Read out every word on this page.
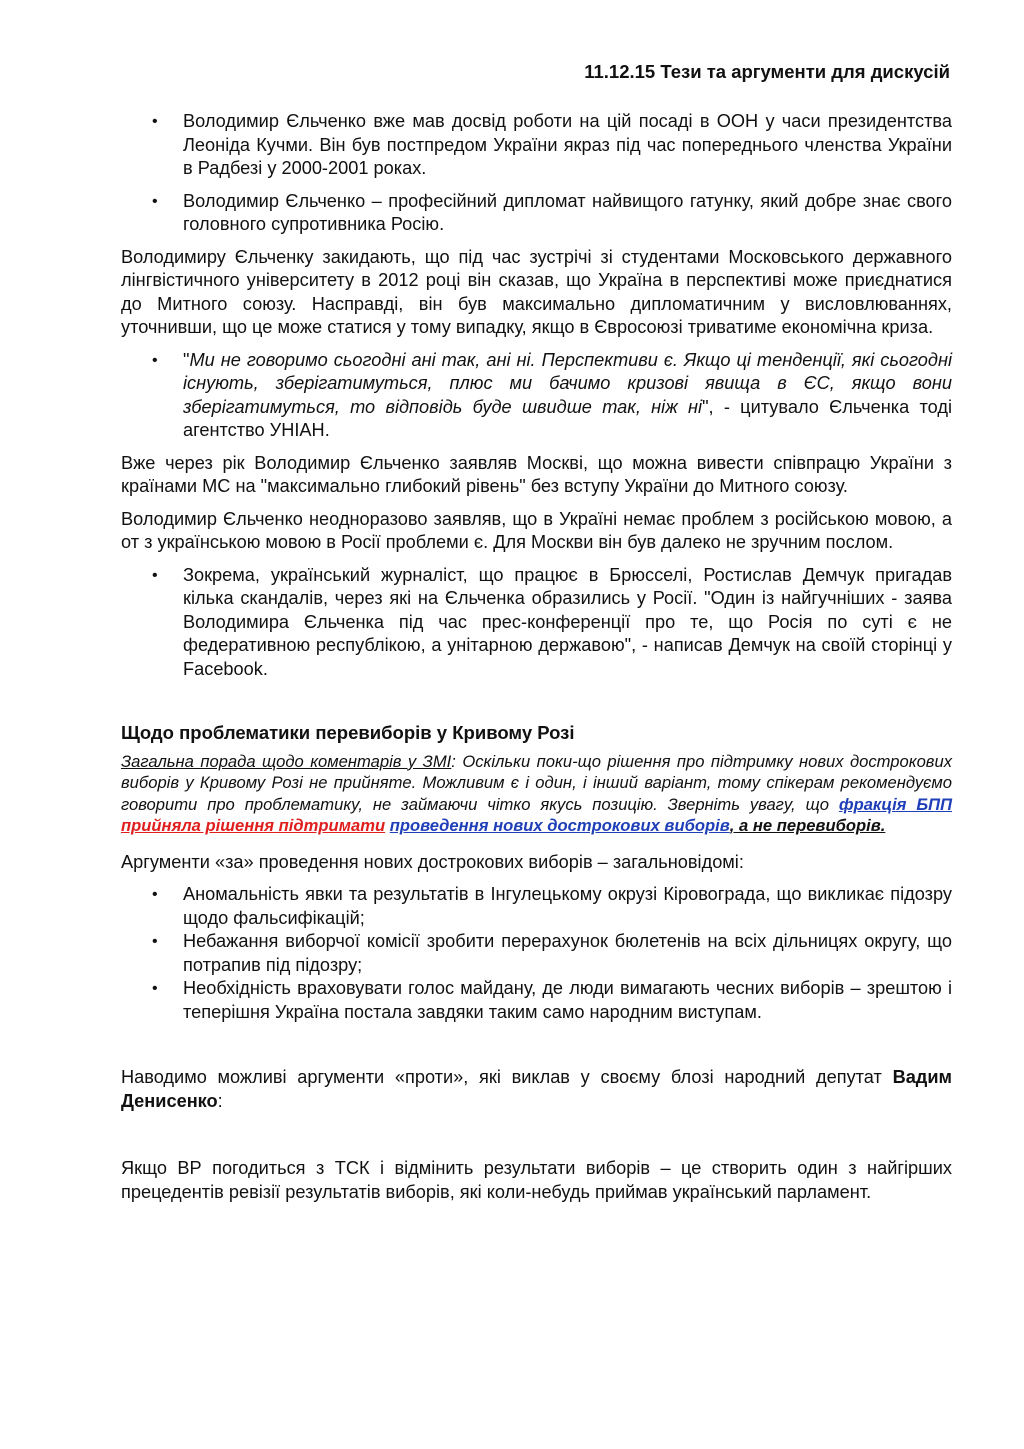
11.12.15 Тези та аргументи для дискусій
• Володимир Єльченко вже мав досвід роботи на цій посаді в ООН у часи президентства Леоніда Кучми. Він був постпредом України якраз під час попереднього членства України в Радбезі у 2000-2001 роках.
• Володимир Єльченко – професійний дипломат найвищого гатунку, який добре знає свого головного супротивника Росію.

Володимиру Єльченку закидають, що під час зустрічі зі студентами Московського державного лінгвістичного університету в 2012 році він сказав, що Україна в перспективі може приєднатися до Митного союзу. Насправді, він був максимально дипломатичним у висловлюваннях, уточнивши, що це може статися у тому випадку, якщо в Євросоюзі триватиме економічна криза.

• "Ми не говоримо сьогодні ані так, ані ні. Перспективи є. Якщо ці тенденції, які сьогодні існують, зберігатимуться, плюс ми бачимо кризові явища в ЄС, якщо вони зберігатимуться, то відповідь буде швидше так, ніж ні", - цитувало Єльченка тоді агентство УНІАН.

Вже через рік Володимир Єльченко заявляв Москві, що можна вивести співпрацю України з країнами МС на "максимально глибокий рівень" без вступу України до Митного союзу.

Володимир Єльченко неодноразово заявляв, що в Україні немає проблем з російською мовою, а от з українською мовою в Росії проблеми є. Для Москви він був далеко не зручним послом.

• Зокрема, український журналіст, що працює в Брюсселі, Ростислав Демчук пригадав кілька скандалів, через які на Єльченка образились у Росії. "Один із найгучніших - заява Володимира Єльченка під час прес-конференції про те, що Росія по суті є не федеративною республікою, а унітарною державою", - написав Демчук на своїй сторінці у Facebook.
Щодо проблематики перевиборів у Кривому Розі

Загальна порада щодо коментарів у ЗМІ: Оскільки поки-що рішення про підтримку нових дострокових виборів у Кривому Розі не прийняте. Можливим є і один, і інший варіант, тому спікерам рекомендуємо говорити про проблематику, не займаючи чітко якусь позицію. Зверніть увагу, що фракція БПП прийняла рішення підтримати проведення нових дострокових виборів, а не перевиборів.

Аргументи «за» проведення нових дострокових виборів – загальновідомі:

• Аномальність явки та результатів в Інгулецькому окрузі Кіровограда, що викликає підозру щодо фальсифікацій;
• Небажання виборчої комісії зробити перерахунок бюлетенів на всіх дільницях округу, що потрапив під підозру;
• Необхідність враховувати голос майдану, де люди вимагають чесних виборів – зрештою і теперішня Україна постала завдяки таким само народним виступам.

Наводимо можливі аргументи «проти», які виклав у своєму блозі народний депутат Вадим Денисенко:

Якщо ВР погодиться з ТСК і відмінить результати виборів – це створить один з найгірших прецедентів ревізії результатів виборів, які коли-небудь приймав український парламент.
